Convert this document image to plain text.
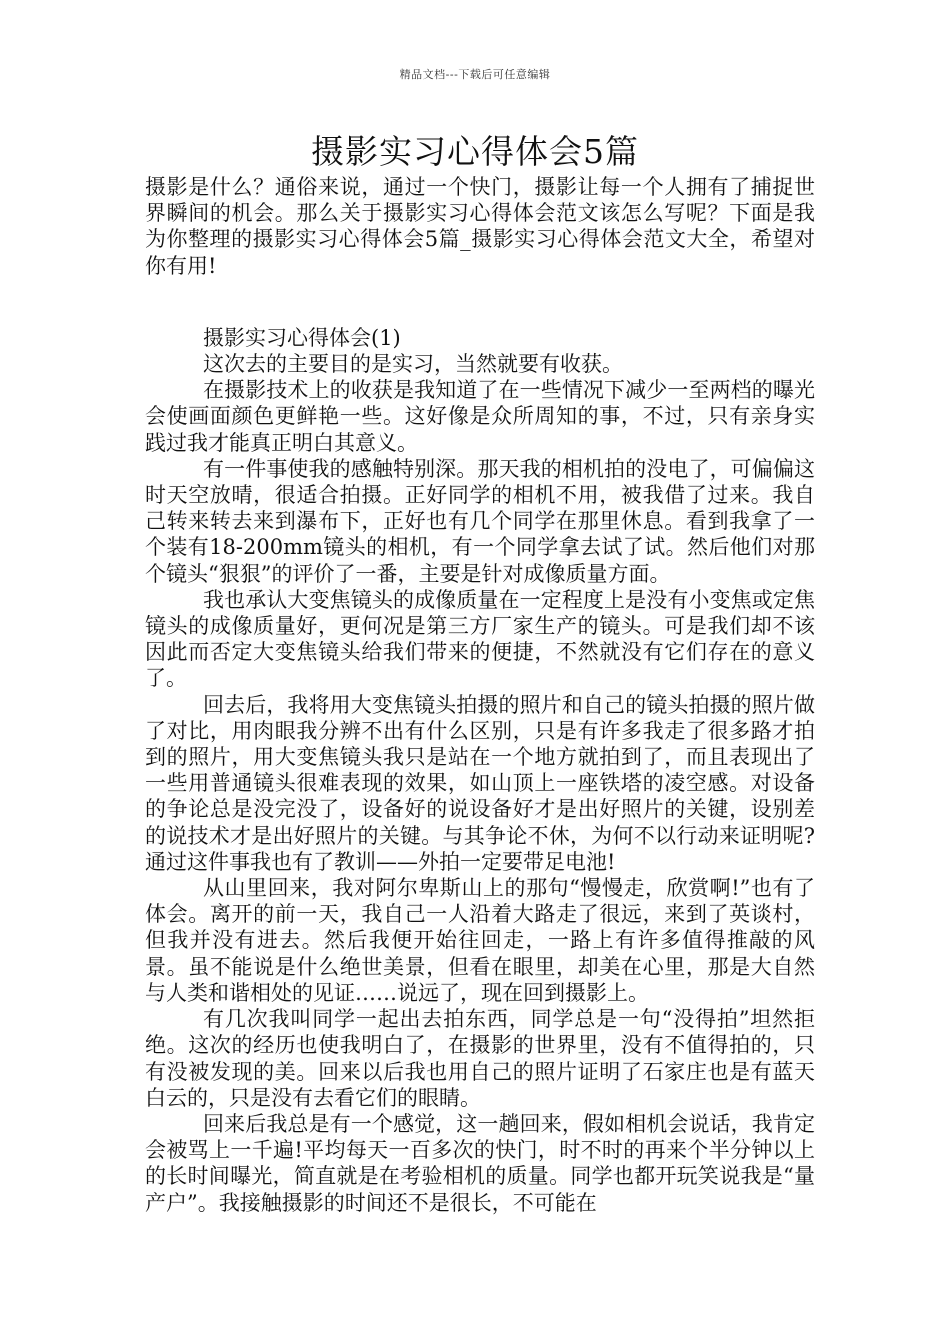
精品文档---下载后可任意编辑
摄影实习心得体会5篇

摄影是什么？通俗来说，通过一个快门，摄影让每一个人拥有了捕捉世界瞬间的机会。那么关于摄影实习心得体会范文该怎么写呢？下面是我为你整理的摄影实习心得体会5篇_摄影实习心得体会范文大全，希望对你有用!

摄影实习心得体会(1)

这次去的主要目的是实习，当然就要有收获。

在摄影技术上的收获是我知道了在一些情况下减少一至两档的曝光会使画面颜色更鲜艳一些。这好像是众所周知的事，不过，只有亲身实践过我才能真正明白其意义。

有一件事使我的感触特别深。那天我的相机拍的没电了，可偏偏这时天空放晴，很适合拍摄。正好同学的相机不用，被我借了过来。我自己转来转去来到瀑布下，正好也有几个同学在那里休息。看到我拿了一个装有18-200mm镜头的相机，有一个同学拿去试了试。然后他们对那个镜头“狠狠”的评价了一番，主要是针对成像质量方面。

我也承认大变焦镜头的成像质量在一定程度上是没有小变焦或定焦镜头的成像质量好，更何况是第三方厂家生产的镜头。可是我们却不该因此而否定大变焦镜头给我们带来的便捷，不然就没有它们存在的意义了。

回去后，我将用大变焦镜头拍摄的照片和自己的镜头拍摄的照片做了对比，用肉眼我分辨不出有什么区别，只是有许多我走了很多路才拍到的照片，用大变焦镜头我只是站在一个地方就拍到了，而且表现出了一些用普通镜头很难表现的效果，如山顶上一座铁塔的凌空感。对设备的争论总是没完没了，设备好的说设备好才是出好照片的关键，设别差的说技术才是出好照片的关键。与其争论不休，为何不以行动来证明呢?通过这件事我也有了教训——外拍一定要带足电池!

从山里回来，我对阿尔卑斯山上的那句“慢慢走，欣赏啊!”也有了体会。离开的前一天，我自己一人沿着大路走了很远，来到了英谈村，但我并没有进去。然后我便开始往回走，一路上有许多值得推敲的风景。虽不能说是什么绝世美景，但看在眼里，却美在心里，那是大自然与人类和谐相处的见证……说远了，现在回到摄影上。

有几次我叫同学一起出去拍东西，同学总是一句“没得拍”坦然拒绝。这次的经历也使我明白了，在摄影的世界里，没有不值得拍的，只有没被发现的美。回来以后我也用自己的照片证明了石家庄也是有蓝天白云的，只是没有去看它们的眼睛。

回来后我总是有一个感觉，这一趟回来，假如相机会说话，我肯定会被骂上一千遍!平均每天一百多次的快门，时不时的再来个半分钟以上的长时间曝光，简直就是在考验相机的质量。同学也都开玩笑说我是“量产户”。我接触摄影的时间还不是很长，不可能在
